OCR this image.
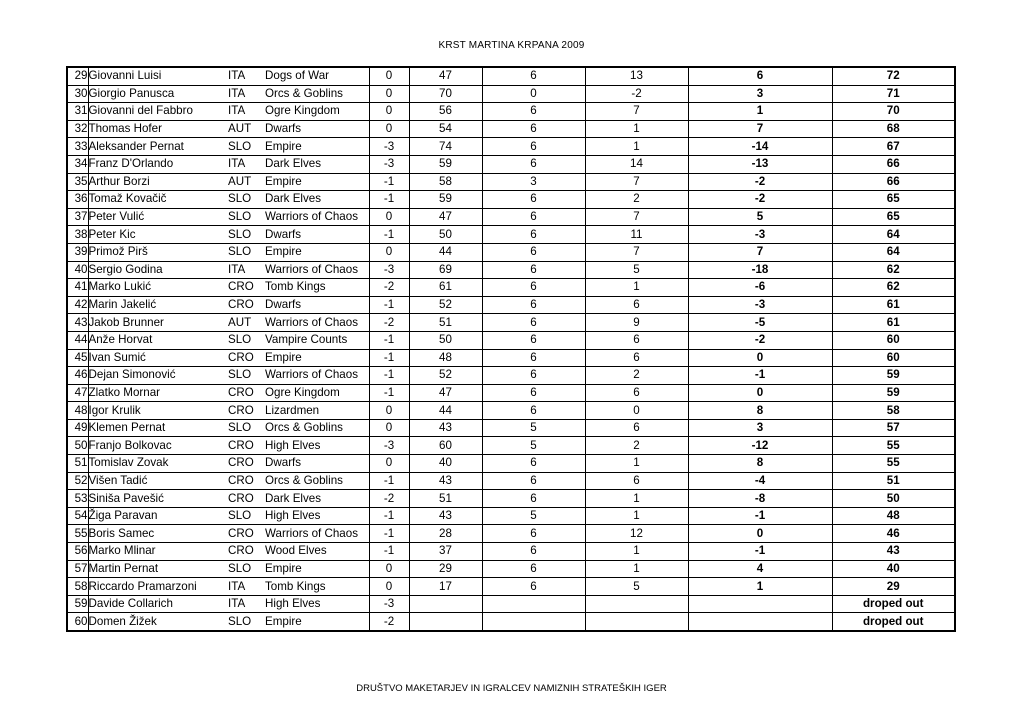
KRST MARTINA KRPANA 2009
29	Giovanni Luisi	ITA	Dogs of War	0	47	6	13	6	72
30	Giorgio Panusca	ITA	Orcs & Goblins	0	70	0	-2	3	71
31	Giovanni del Fabbro	ITA	Ogre Kingdom	0	56	6	7	1	70
32	Thomas Hofer	AUT	Dwarfs	0	54	6	1	7	68
33	Aleksander Pernat	SLO	Empire	-3	74	6	1	-14	67
34	Franz D'Orlando	ITA	Dark Elves	-3	59	6	14	-13	66
35	Arthur Borzi	AUT	Empire	-1	58	3	7	-2	66
36	Tomaž Kovačič	SLO	Dark Elves	-1	59	6	2	-2	65
37	Peter Vulić	SLO	Warriors of Chaos	0	47	6	7	5	65
38	Peter Kic	SLO	Dwarfs	-1	50	6	11	-3	64
39	Primož Pirš	SLO	Empire	0	44	6	7	7	64
40	Sergio Godina	ITA	Warriors of Chaos	-3	69	6	5	-18	62
41	Marko Lukić	CRO	Tomb Kings	-2	61	6	1	-6	62
42	Marin Jakelić	CRO	Dwarfs	-1	52	6	6	-3	61
43	Jakob Brunner	AUT	Warriors of Chaos	-2	51	6	9	-5	61
44	Anže Horvat	SLO	Vampire Counts	-1	50	6	6	-2	60
45	Ivan Sumić	CRO	Empire	-1	48	6	6	0	60
46	Dejan Simonović	SLO	Warriors of Chaos	-1	52	6	2	-1	59
47	Zlatko Mornar	CRO	Ogre Kingdom	-1	47	6	6	0	59
48	Igor Krulik	CRO	Lizardmen	0	44	6	0	8	58
49	Klemen Pernat	SLO	Orcs & Goblins	0	43	5	6	3	57
50	Franjo Bolkovac	CRO	High Elves	-3	60	5	2	-12	55
51	Tomislav Zovak	CRO	Dwarfs	0	40	6	1	8	55
52	Višen Tadić	CRO	Orcs & Goblins	-1	43	6	6	-4	51
53	Siniša Pavešić	CRO	Dark Elves	-2	51	6	1	-8	50
54	Žiga Paravan	SLO	High Elves	-1	43	5	1	-1	48
55	Boris Samec	CRO	Warriors of Chaos	-1	28	6	12	0	46
56	Marko Mlinar	CRO	Wood Elves	-1	37	6	1	-1	43
57	Martin Pernat	SLO	Empire	0	29	6	1	4	40
58	Riccardo Pramarzoni	ITA	Tomb Kings	0	17	6	5	1	29
59	Davide Collarich	ITA	High Elves	-3					droped out
60	Domen Žižek	SLO	Empire	-2					droped out
DRUŠTVO MAKETARJEV IN IGRALCEV NAMIZNIH STRATEŠKIH IGER
